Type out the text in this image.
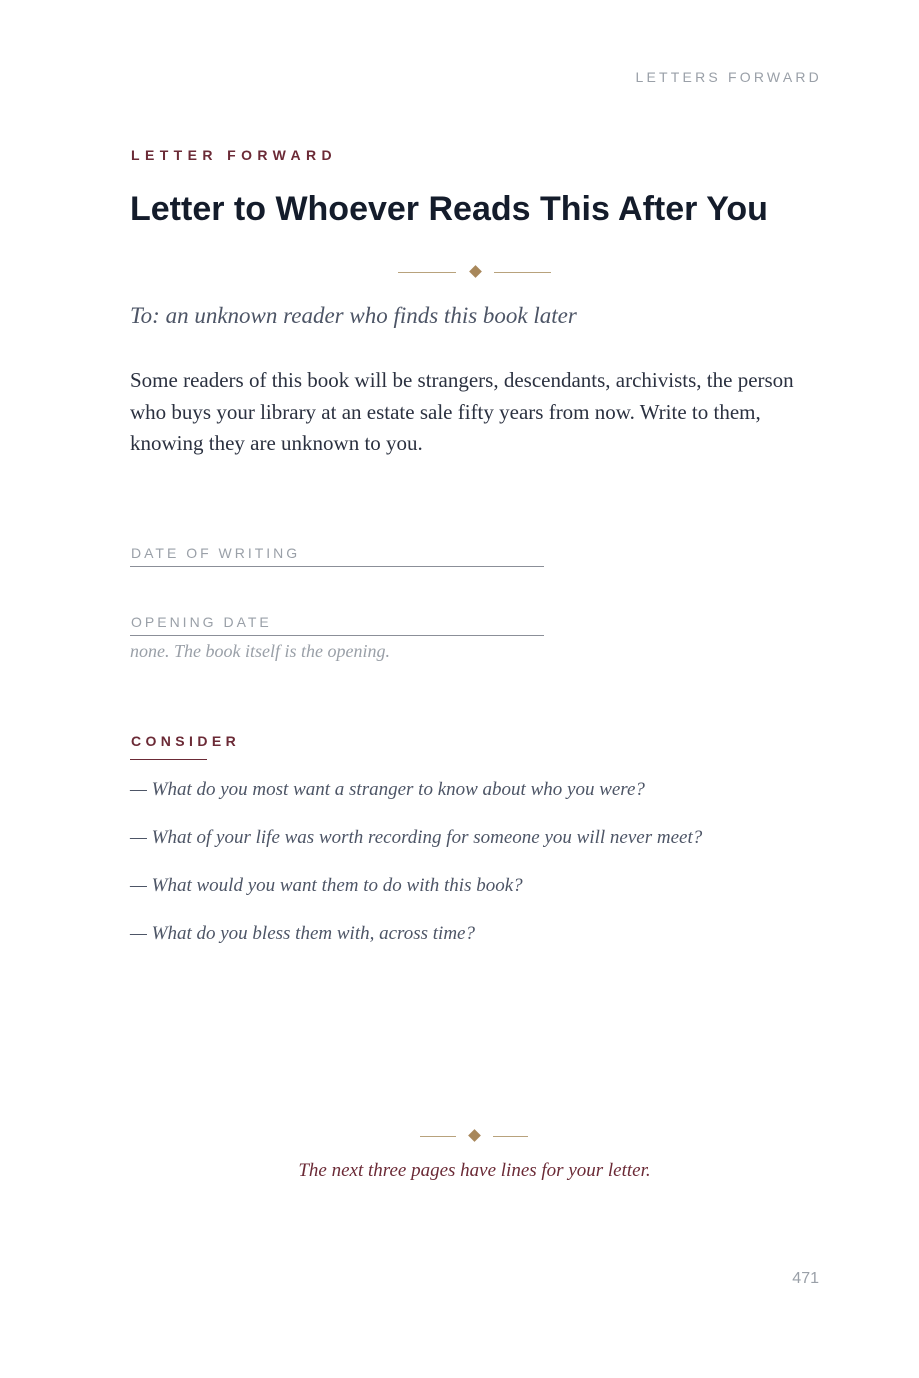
LETTERS FORWARD
LETTER FORWARD
Letter to Whoever Reads This After You
To: an unknown reader who finds this book later
Some readers of this book will be strangers, descendants, archivists, the person who buys your library at an estate sale fifty years from now. Write to them, knowing they are unknown to you.
DATE OF WRITING
OPENING DATE
none. The book itself is the opening.
CONSIDER
— What do you most want a stranger to know about who you were?
— What of your life was worth recording for someone you will never meet?
— What would you want them to do with this book?
— What do you bless them with, across time?
The next three pages have lines for your letter.
471
